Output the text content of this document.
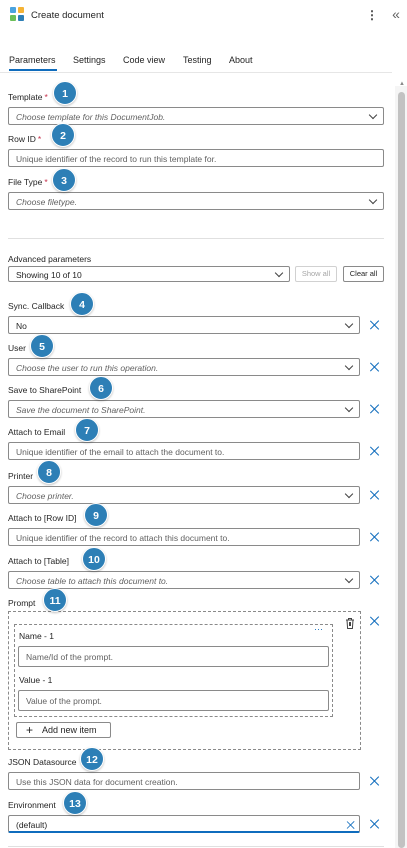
Create document	⋮ «
Parameters Settings Code view Testing About
▲
Template *
Choose template for this DocumentJob.
Row ID *
Unique identifier of the record to run this template for.
File Type *
Choose filetype.
Advanced parameters
Showing 10 of 10	Show all	Clear all
Sync. Callback
No
User
Choose the user to run this operation.
Save to SharePoint
Save the document to SharePoint.
Attach to Email
Unique identifier of the email to attach the document to.
Printer
Choose printer.
Attach to [Row ID]
Unique identifier of the record to attach this document to.
Attach to [Table]
Choose table to attach this document to.
Prompt
···
Name - 1
Name/Id of the prompt.
Value - 1
Value of the prompt.
+ Add new item
JSON Datasource
Use this JSON data for document creation.
Environment
(default)
1
2
3
4
5
6
7
8
9
10
11
12
13
